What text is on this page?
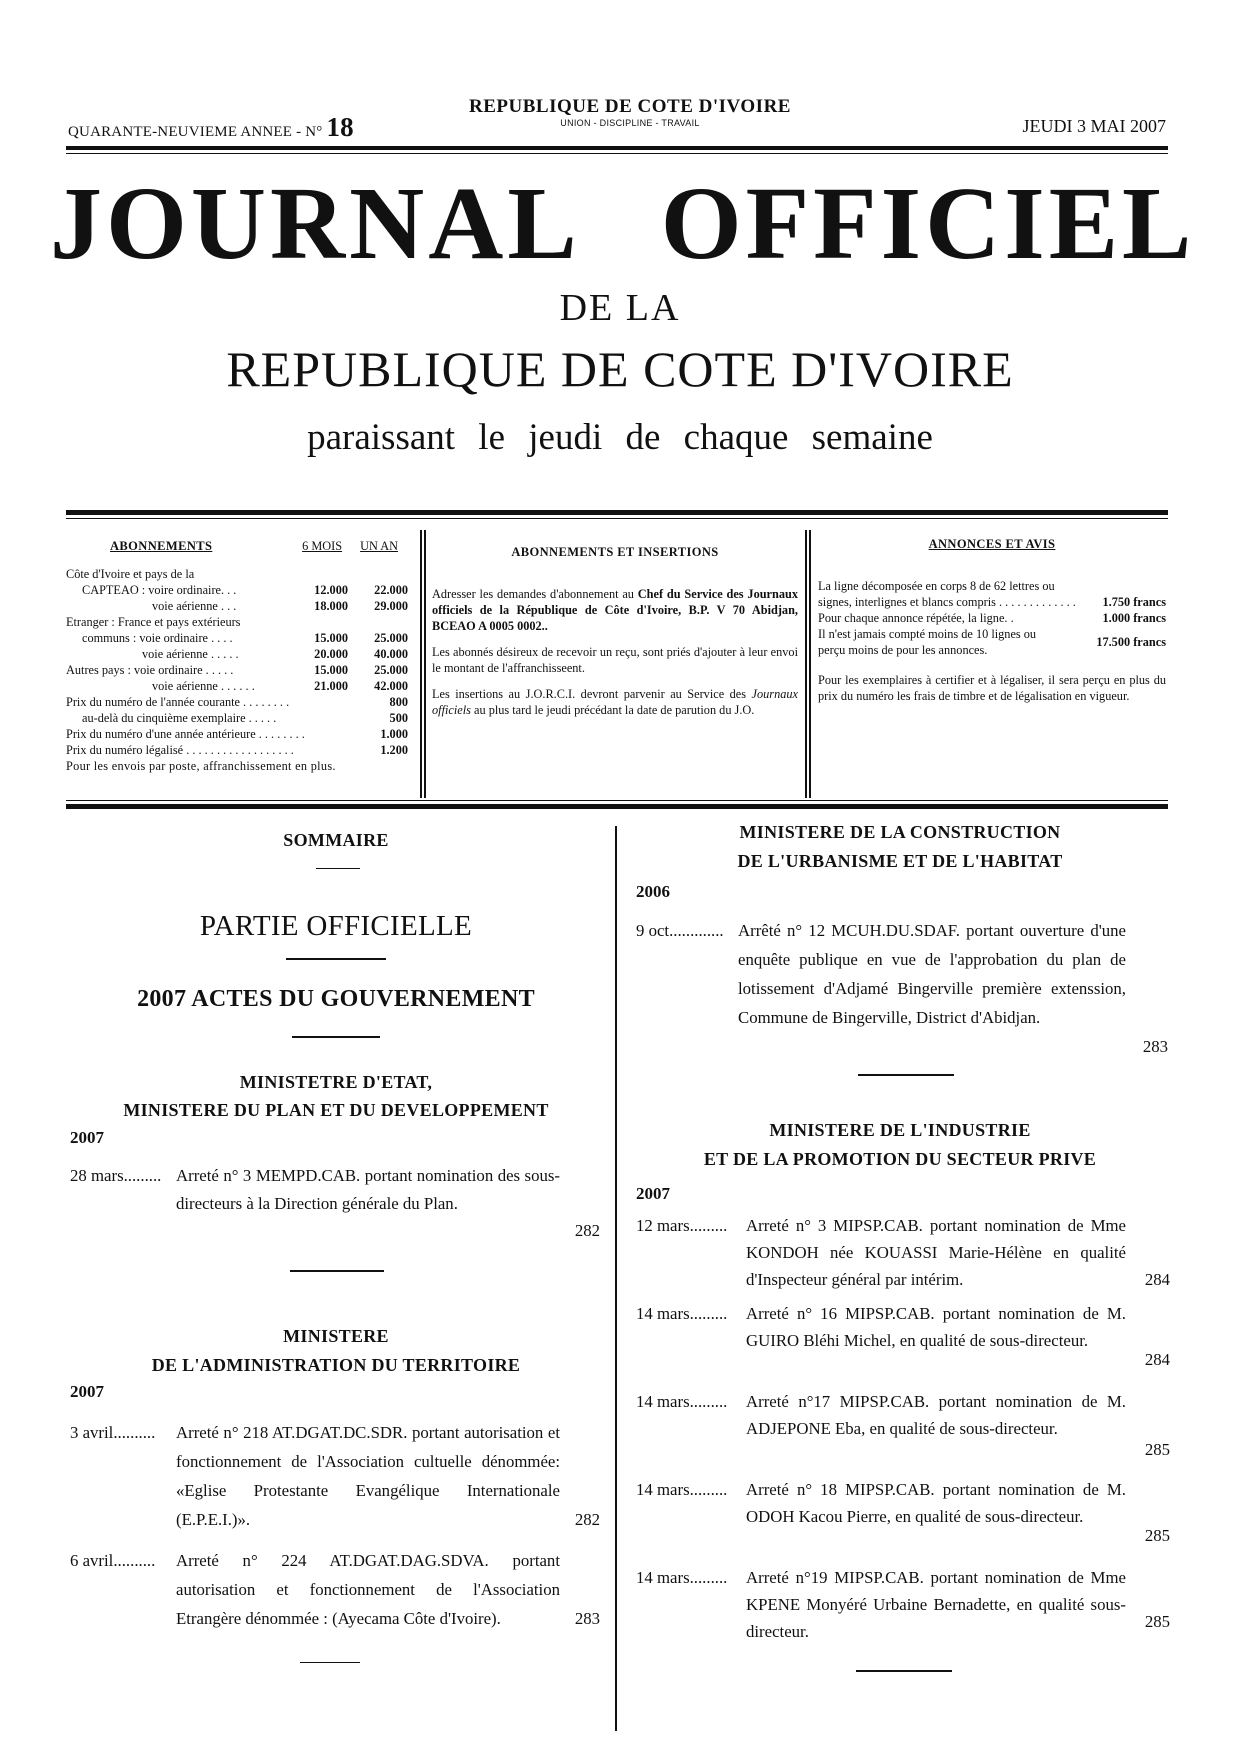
QUARANTE-NEUVIEME ANNEE - N° 18
REPUBLIQUE DE COTE D'IVOIRE
UNION - DISCIPLINE - TRAVAIL	JEUDI 3 MAI 2007
JOURNAL OFFICIEL
DE LA
REPUBLIQUE DE COTE D'IVOIRE
paraissant le jeudi de chaque semaine
ABONNEMENTS	6 MOIS UN AN
Côte d'Ivoire et pays de la
CAPTEAO : voire ordinaire. . .	12.000	22.000
voie aérienne . . .	18.000	29.000
Etranger : France et pays extérieurs
communs : voie ordinaire . . . .	15.000	25.000
voie aérienne . . . . .	20.000	40.000
Autres pays : voie ordinaire . . . . .	15.000	25.000
voie aérienne . . . . . .	21.000	42.000
Prix du numéro de l'année courante . . . . . . . .	800
au-delà du cinquième exemplaire . . . . .	500
Prix du numéro d'une année antérieure . . . . . . . .	1.000
Prix du numéro légalisé . . . . . . . . . . . . . . . . . .	1.200
Pour les envois par poste, affranchissement en plus.
ABONNEMENTS ET INSERTIONS

Adresser les demandes d'abonnement au Chef du Service des Journaux officiels de la République de Côte d'Ivoire, B.P. V 70 Abidjan, BCEAO A 0005 0002..

Les abonnés désireux de recevoir un reçu, sont priés d'ajouter à leur envoi le montant de l'affranchisseent.

Les insertions au J.O.R.C.I. devront parvenir au Service des Journaux officiels au plus tard le jeudi précédant la date de parution du J.O.

ANNONCES ET AVIS
La ligne décomposée en corps 8 de 62 lettres ou signes, interlignes et blancs compris . . . . . . . . . . . . .	1.750 francs
Pour chaque annonce répétée, la ligne. .	1.000 francs
Il n'est jamais compté moins de 10 lignes ou perçu moins de pour les annonces.
17.500 francs
Pour les exemplaires à certifier et à légaliser, il sera perçu en plus du prix du numéro les frais de timbre et de légalisation en vigueur.
SOMMAIRE
PARTIE OFFICIELLE
2007 ACTES DU GOUVERNEMENT
MINISTETRE D'ETAT,
MINISTERE DU PLAN ET DU DEVELOPPEMENT
2007
28 mars......... Arreté n° 3 MEMPD.CAB. portant nomination des sous-directeurs à la Direction générale du Plan.
282
MINISTERE
DE L'ADMINISTRATION DU TERRITOIRE
2007
3 avril..........	Arreté n° 218 AT.DGAT.DC.SDR. portant autorisation et fonctionnement de l'Association cultuelle dénommée: «Eglise Protestante Evangélique Internationale (E.P.E.I.)».	282
6 avril..........	Arreté n° 224 AT.DGAT.DAG.SDVA. portant autorisation et fonctionnement de l'Association Etrangère dénommée : (Ayecama Côte d'Ivoire).	283
MINISTERE DE LA CONSTRUCTION
DE L'URBANISME ET DE L'HABITAT
2006
9 oct............. Arrêté n° 12 MCUH.DU.SDAF. portant ouverture d'une enquête publique en vue de l'approbation du plan de lotissement d'Adjamé Bingerville première extenssion, Commune de Bingerville, District d'Abidjan.
283
MINISTERE DE L'INDUSTRIE
ET DE LA PROMOTION DU SECTEUR PRIVE
2007
12 mars.........	Arreté n° 3 MIPSP.CAB. portant nomination de Mme KONDOH née KOUASSI Marie-Hélène en qualité d'Inspecteur général par intérim.	284
14 mars.........	Arreté n° 16 MIPSP.CAB. portant nomination de M. GUIRO Bléhi Michel, en qualité de sous-directeur.
284
14 mars.........	Arreté n°17 MIPSP.CAB. portant nomination de M. ADJEPONE Eba, en qualité de sous-directeur.
285
14 mars.........	Arreté n° 18 MIPSP.CAB. portant nomination de M. ODOH Kacou Pierre, en qualité de sous-directeur.
285
14 mars.........	Arreté n°19 MIPSP.CAB. portant nomination de Mme KPENE Monyéré Urbaine Bernadette, en qualité sous-directeur.
285
